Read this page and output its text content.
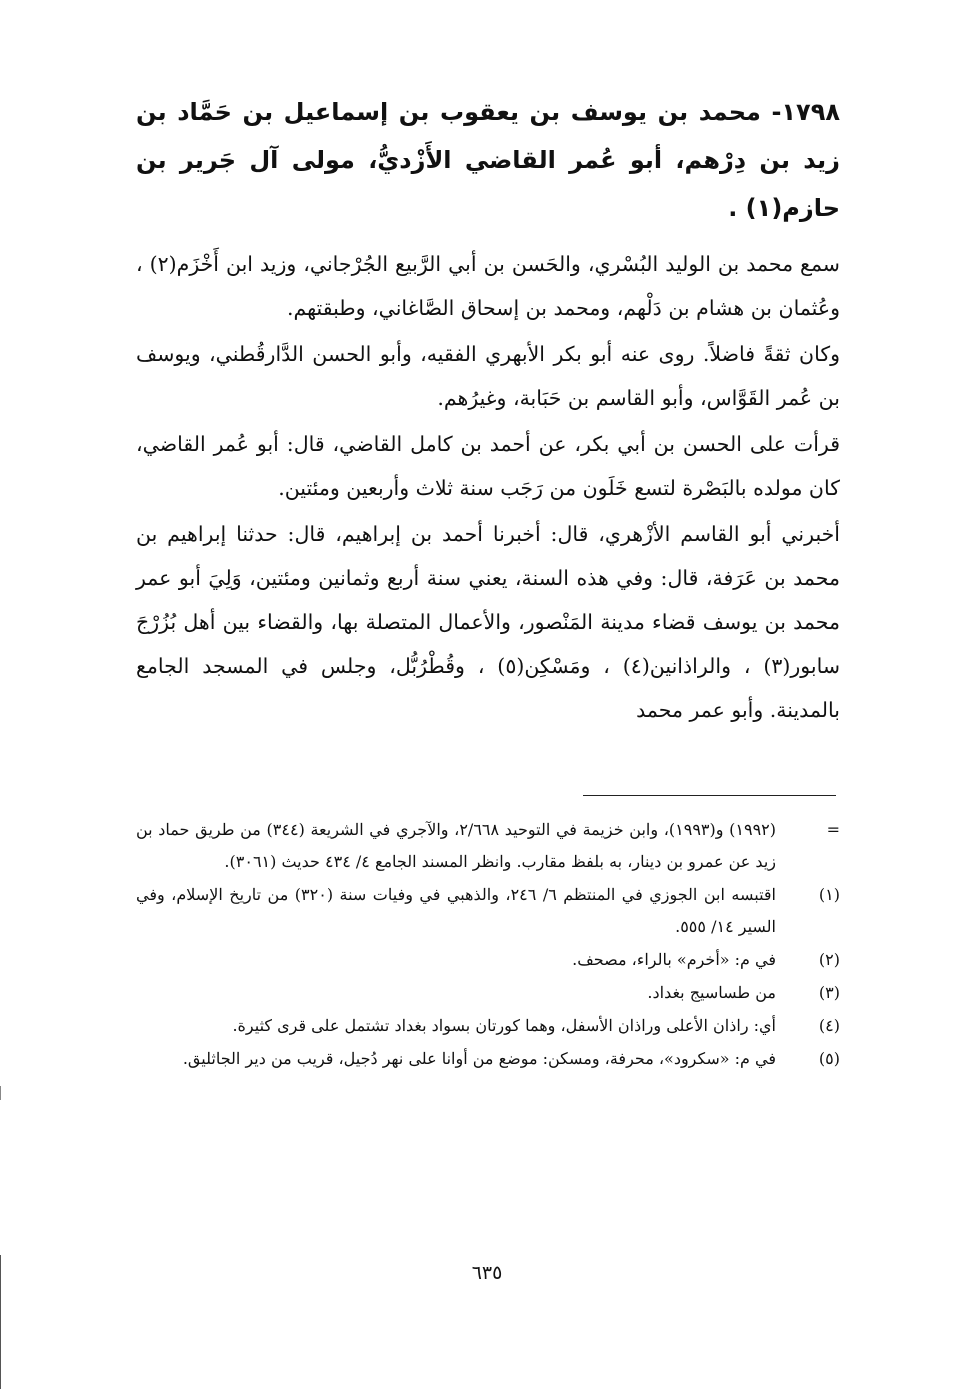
١٧٩٨- محمد بن يوسف بن يعقوب بن إسماعيل بن حَمَّاد بن زيد بن دِرْهم، أبو عُمر القاضي الأَزْديُّ، مولى آل جَرير بن حازم(١) .

سمع محمد بن الوليد البُسْري، والحَسن بن أبي الرَّبيع الجُرْجاني، وزيد ابن أَخْزَم(٢) ، وعُثمان بن هشام بن دَلْهم، ومحمد بن إسحاق الصَّاغاني، وطبقتهم.

وكان ثقةً فاضلاً. روى عنه أبو بكر الأبهري الفقيه، وأبو الحسن الدَّارقُطني، ويوسف بن عُمر القَوَّاس، وأبو القاسم بن حَبَابة، وغيرُهم.

قرأت على الحسن بن أبي بكر، عن أحمد بن كامل القاضي، قال: أبو عُمر القاضي، كان مولده بالبَصْرة لتسع خَلَون من رَجَب سنة ثلاث وأربعين ومئتين.

أخبرني أبو القاسم الأزْهري، قال: أخبرنا أحمد بن إبراهيم، قال: حدثنا إبراهيم بن محمد بن عَرَفة، قال: وفي هذه السنة، يعني سنة أربع وثمانين ومئتين، وَلِيَ أبو عمر محمد بن يوسف قضاء مدينة المَنْصور، والأعمال المتصلة بها، والقضاء بين أهل بُزُرْجَ سابور(٣) ، والراذانين(٤) ، ومَسْكِن(٥) ، وقُطْرُبُّل، وجلس في المسجد الجامع بالمدينة. وأبو عمر محمد

=
(١٩٩٢) و(١٩٩٣)، وابن خزيمة في التوحيد ٢/٦٦٨، والآجري في الشريعة (٣٤٤) من طريق حماد بن زيد عن عمرو بن دينار، به بلفظ مقارب. وانظر المسند الجامع ٤/ ٤٣٤ حديث (٣٠٦١).
(١)
اقتبسه ابن الجوزي في المنتظم ٦/ ٢٤٦، والذهبي في وفيات سنة (٣٢٠) من تاريخ الإسلام، وفي السير ١٤/ ٥٥٥.
(٢)
في م: «أخرم» بالراء، مصحف.
(٣)
من طساسيج بغداد.
(٤)
أي: راذان الأعلى وراذان الأسفل، وهما كورتان بسواد بغداد تشتمل على قرى كثيرة.
(٥)
في م: «سكرود»، محرفة، ومسكن: موضع من أوانا على نهر دُجيل، قريب من دير الجاثليق.
٦٣٥
